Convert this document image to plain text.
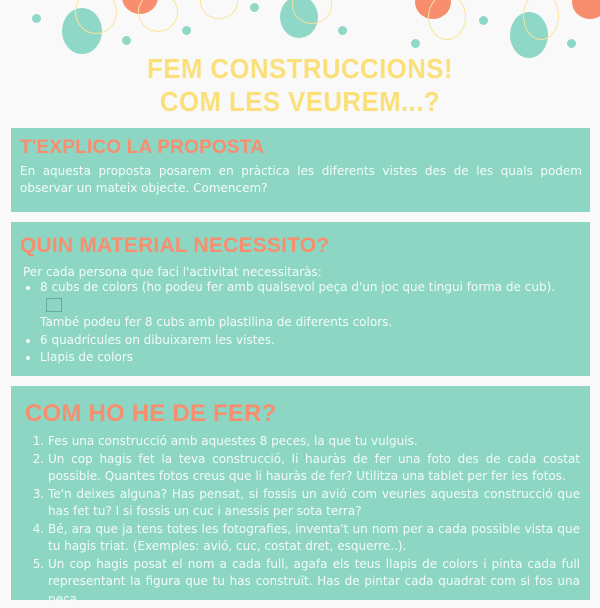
FEM CONSTRUCCIONS!
COM LES VEUREM...?
T'EXPLICO LA PROPOSTA

En aquesta proposta posarem en pràctica les diferents vistes des de les quals podem observar un mateix objecte. Comencem?

QUIN MATERIAL NECESSITO?

Per cada persona que faci l'activitat necessitaràs:

• 8 cubs de colors (ho podeu fer amb qualsevol peça d'un joc que tingui forma de cub).
També podeu fer 8 cubs amb plastilina de diferents colors.
• 6 quadrícules on dibuixarem les vistes.
• Llapis de colors
COM HO HE DE FER?
1. Fes una construcció amb aquestes 8 peces, la que tu vulguis.
2. Un cop hagis fet la teva construcció, li hauràs de fer una foto des de cada costat possible. Quantes fotos creus que li hauràs de fer? Utilitza una tablet per fer les fotos.
3. Te'n deixes alguna? Has pensat, si fossis un avió com veuries aquesta construcció que has fet tu? I si fossis un cuc i anessis per sota terra?
4. Bé, ara que ja tens totes les fotografies, inventa't un nom per a cada possible vista que tu hagis triat. (Exemples: avió, cuc, costat dret, esquerre..).
5. Un cop hagis posat el nom a cada full, agafa els teus llapis de colors i pinta cada full representant la figura que tu has construït. Has de pintar cada quadrat com si fos una peça.
